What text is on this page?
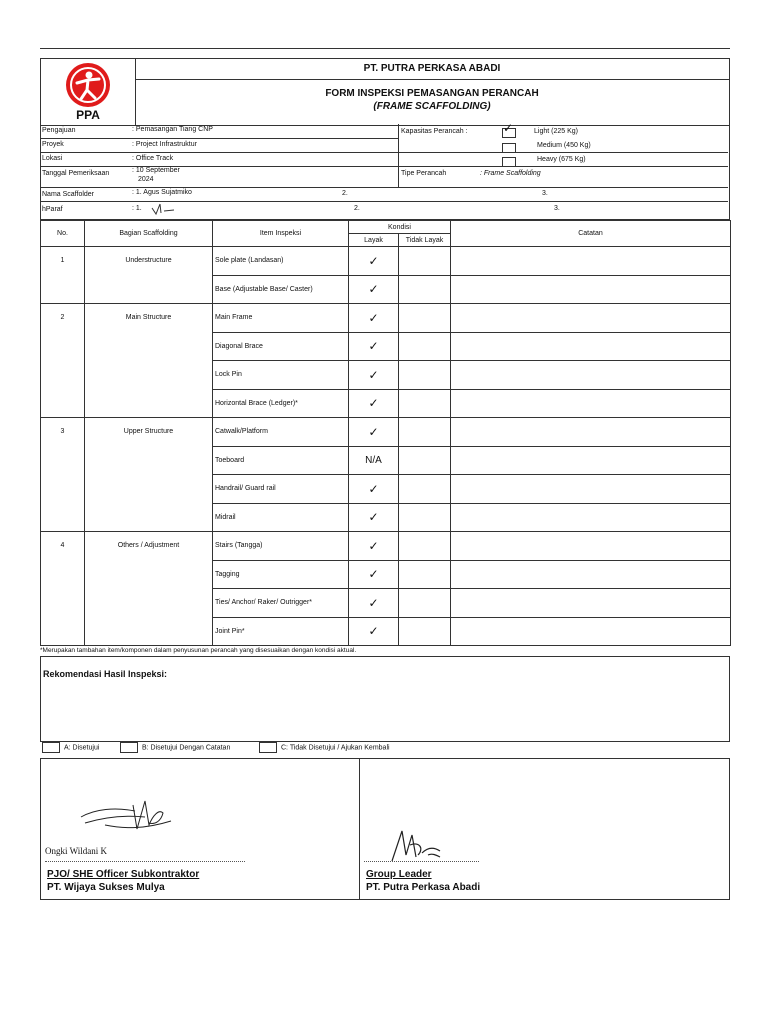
PPA
PT. PUTRA PERKASA ABADI
FORM INSPEKSI PEMASANGAN PERANCAH
(FRAME SCAFFOLDING)
Pengajuan	: Pemasangan Tiang CNP
Proyek	: Project Infrastruktur
Lokasi	: Office Track
Tanggal Pemeriksaan	: 10 September
2024
Nama Scaffolder	: 1. Agus Sujatmiko	2.	3.
hParaf	: 1.	2.	3.
Kapasitas Perancah :	✓	Light (225 Kg)
Medium (450 Kg)
Heavy (675 Kg)
Tipe Perancah	: Frame Scaffolding
No.	Bagian Scaffolding	Item Inspeksi	Kondisi		Catatan
			Layak	Tidak Layak	
1	Understructure	Sole plate (Landasan)	✓		
		Base (Adjustable Base/ Caster)	✓		
2	Main Structure	Main Frame	✓		
		Diagonal Brace	✓		
		Lock Pin	✓		
		Horizontal Brace (Ledger)*	✓		
3	Upper Structure	Catwalk/Platform	✓		
		Toeboard	N/A		
		Handrail/ Guard rail	✓		
		Midrail	✓		
4	Others / Adjustment	Stairs (Tangga)	✓		
		Tagging	✓		
		Ties/ Anchor/ Raker/ Outrigger*	✓		
		Joint Pin*	✓		
*Merupakan tambahan item/komponen dalam penyusunan perancah yang disesuaikan dengan kondisi aktual.
Rekomendasi Hasil Inspeksi:
A: Disetujui	B: Disetujui Dengan Catatan	C: Tidak Disetujui / Ajukan Kembali
Ongki Wildani K
PJO/ SHE Officer Subkontraktor
PT. Wijaya Sukses Mulya
Group Leader
PT. Putra Perkasa Abadi
